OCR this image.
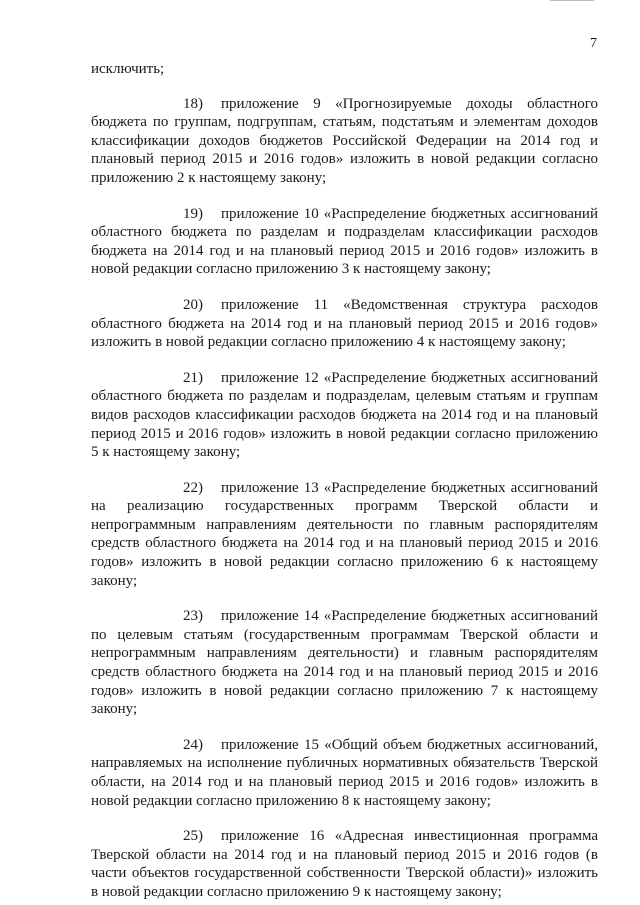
7

исключить;

18) приложение 9 «Прогнозируемые доходы областного бюджета по группам, подгруппам, статьям, подстатьям и элементам доходов классификации доходов бюджетов Российской Федерации на 2014 год и плановый период 2015 и 2016 годов» изложить в новой редакции согласно приложению 2 к настоящему закону;

19) приложение 10 «Распределение бюджетных ассигнований областного бюджета по разделам и подразделам классификации расходов бюджета на 2014 год и на плановый период 2015 и 2016 годов» изложить в новой редакции согласно приложению 3 к настоящему закону;

20) приложение 11 «Ведомственная структура расходов областного бюджета на 2014 год и на плановый период 2015 и 2016 годов» изложить в новой редакции согласно приложению 4 к настоящему закону;

21) приложение 12 «Распределение бюджетных ассигнований областного бюджета по разделам и подразделам, целевым статьям и группам видов расходов классификации расходов бюджета на 2014 год и на плановый период 2015 и 2016 годов» изложить в новой редакции согласно приложению 5 к настоящему закону;

22) приложение 13 «Распределение бюджетных ассигнований на реализацию государственных программ Тверской области и непрограммным направлениям деятельности по главным распорядителям средств областного бюджета на 2014 год и на плановый период 2015 и 2016 годов» изложить в новой редакции согласно приложению 6 к настоящему закону;

23) приложение 14 «Распределение бюджетных ассигнований по целевым статьям (государственным программам Тверской области и непрограммным направлениям деятельности) и главным распорядителям средств областного бюджета на 2014 год и на плановый период 2015 и 2016 годов» изложить в новой редакции согласно приложению 7 к настоящему закону;

24) приложение 15 «Общий объем бюджетных ассигнований, направляемых на исполнение публичных нормативных обязательств Тверской области, на 2014 год и на плановый период 2015 и 2016 годов» изложить в новой редакции согласно приложению 8 к настоящему закону;

25) приложение 16 «Адресная инвестиционная программа Тверской области на 2014 год и на плановый период 2015 и 2016 годов (в части объектов государственной собственности Тверской области)» изложить в новой редакции согласно приложению 9 к настоящему закону;
